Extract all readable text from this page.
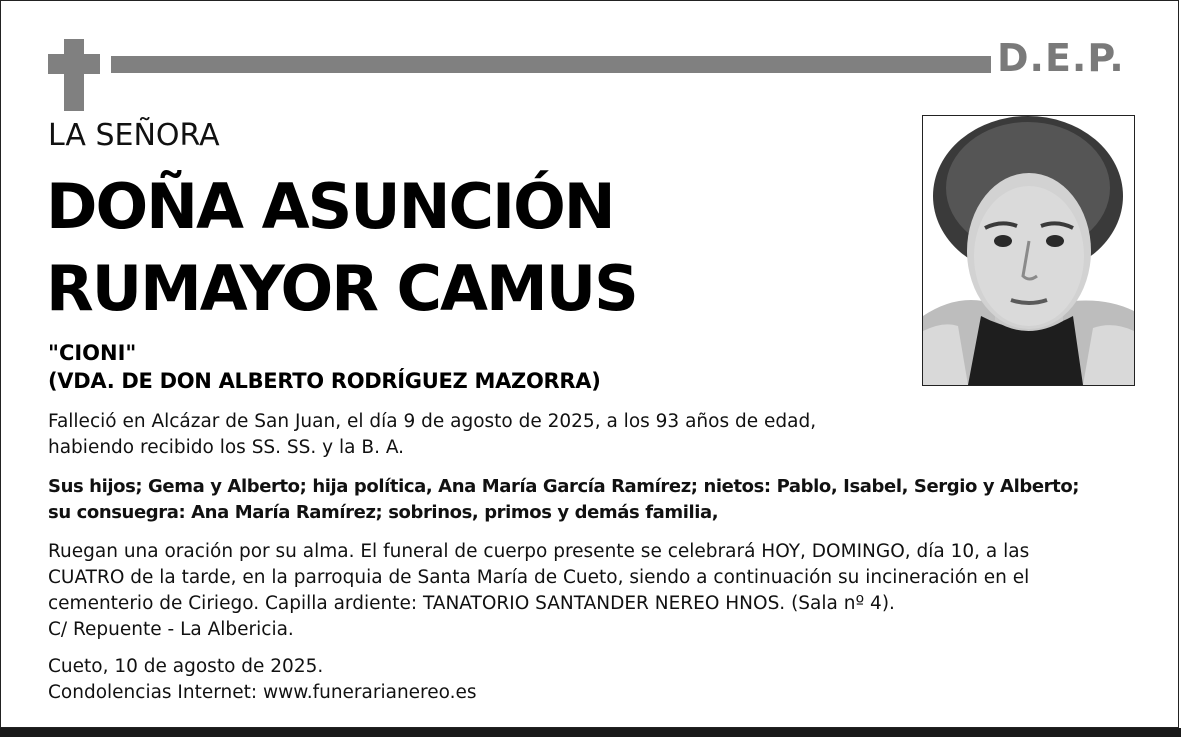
D.E.P.
LA SEÑORA
DOÑA ASUNCIÓN
RUMAYOR CAMUS
"CIONI"
(VDA. DE DON ALBERTO RODRÍGUEZ MAZORRA)
Falleció en Alcázar de San Juan, el día 9 de agosto de 2025, a los 93 años de edad,
habiendo recibido los SS. SS. y la B. A.
Sus hijos; Gema y Alberto; hija política, Ana María García Ramírez; nietos: Pablo, Isabel, Sergio y Alberto;
su consuegra: Ana María Ramírez; sobrinos, primos y demás familia,
Ruegan una oración por su alma. El funeral de cuerpo presente se celebrará HOY, DOMINGO, día 10, a las
CUATRO de la tarde, en la parroquia de Santa María de Cueto, siendo a continuación su incineración en el
cementerio de Ciriego. Capilla ardiente: TANATORIO SANTANDER NEREO HNOS. (Sala nº 4).
C/ Repuente - La Albericia.
Cueto, 10 de agosto de 2025.
Condolencias Internet: www.funerarianereo.es
